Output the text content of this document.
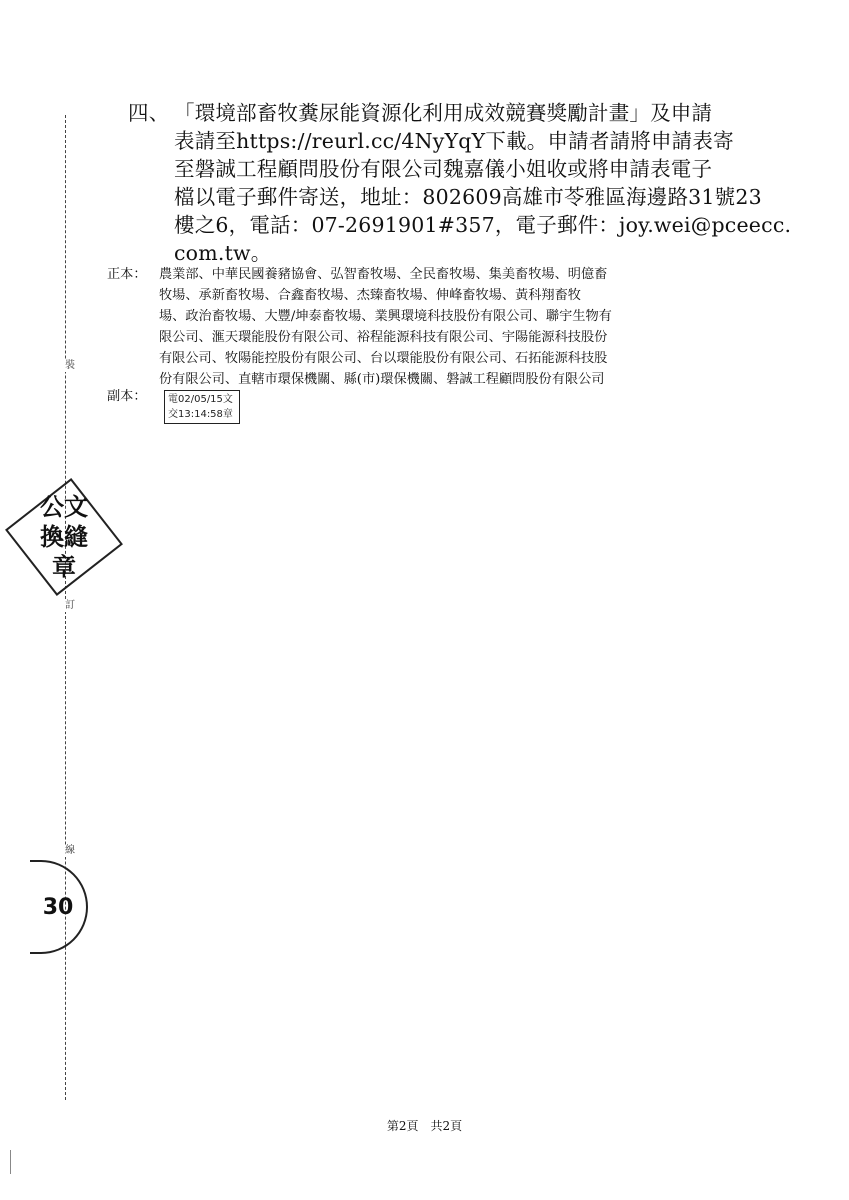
裝
訂
線
四、 「環境部畜牧糞尿能資源化利用成效競賽獎勵計畫」及申請
表請至https://reurl.cc/4NyYqY下載。申請者請將申請表寄
至磐誠工程顧問股份有限公司魏嘉儀小姐收或將申請表電子
檔以電子郵件寄送，地址：802609高雄市苓雅區海邊路31號23
樓之6，電話：07-2691901#357，電子郵件：joy.wei@pceecc.
com.tw。
正本： 農業部、中華民國養豬協會、弘智畜牧場、全民畜牧場、集美畜牧場、明億畜
牧場、承新畜牧場、合鑫畜牧場、杰臻畜牧場、伸峰畜牧場、黃科翔畜牧
場、政治畜牧場、大豐/坤泰畜牧場、業興環境科技股份有限公司、聯宇生物有
限公司、滙天環能股份有限公司、裕程能源科技有限公司、宇陽能源科技股份
有限公司、牧陽能控股份有限公司、台以環能股份有限公司、石拓能源科技股
份有限公司、直轄市環保機關、縣(市)環保機關、磐誠工程顧問股份有限公司
副本：	電02/05/15文
交13:14:58章
公文換縫章
30
第2頁　共2頁
